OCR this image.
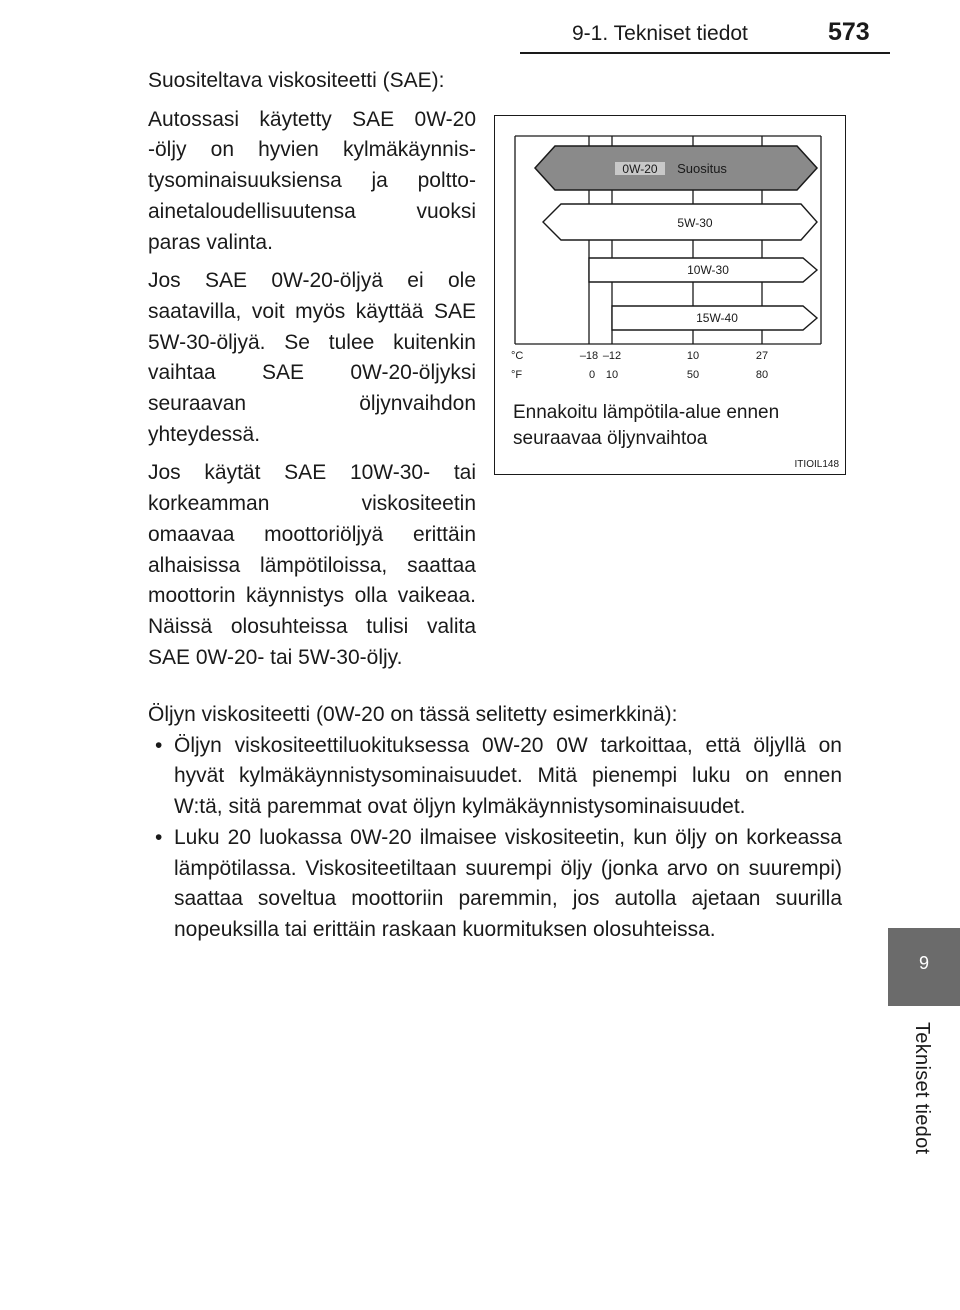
9-1. Tekniset tiedot	573
9
Tekniset tiedot

Suositeltava viskositeetti (SAE):

Autossasi käytetty SAE 0W-20 -öljy on hyvien kylmäkäynnistysominaisuuksiensa ja polttoainetaloudellisuutensa vuoksi paras valinta.

Jos SAE 0W-20-öljyä ei ole saatavilla, voit myös käyttää SAE 5W-30-öljyä. Se tulee kuitenkin vaihtaa SAE 0W-20-öljyksi seuraavan öljynvaihdon yhteydessä.

Jos käytät SAE 10W-30- tai korkeamman viskositeetin omaavaa moottoriöljyä erittäin alhaisissa lämpötiloissa, saattaa moottorin käynnistys olla vaikeaa. Näissä olosuhteissa tulisi valita SAE 0W-20- tai 5W-30-öljy.

0W-20 Suositus
5W-30
10W-30
15W-40
°C
°F
–18 –12	10	27
0 10	50	80
Ennakoitu lämpötila-alue ennen seuraavaa öljynvaihtoa
ITIOIL148

Öljyn viskositeetti (0W-20 on tässä selitetty esimerkkinä):

• Öljyn viskositeettiluokituksessa 0W-20 0W tarkoittaa, että öljyllä on hyvät kylmäkäynnistysominaisuudet. Mitä pienempi luku on ennen W:tä, sitä paremmat ovat öljyn kylmäkäynnistysominaisuudet.
• Luku 20 luokassa 0W-20 ilmaisee viskositeetin, kun öljy on korkeassa lämpötilassa. Viskositeetiltaan suurempi öljy (jonka arvo on suurempi) saattaa soveltua moottoriin paremmin, jos autolla ajetaan suurilla nopeuksilla tai erittäin raskaan kuormituksen olosuhteissa.
